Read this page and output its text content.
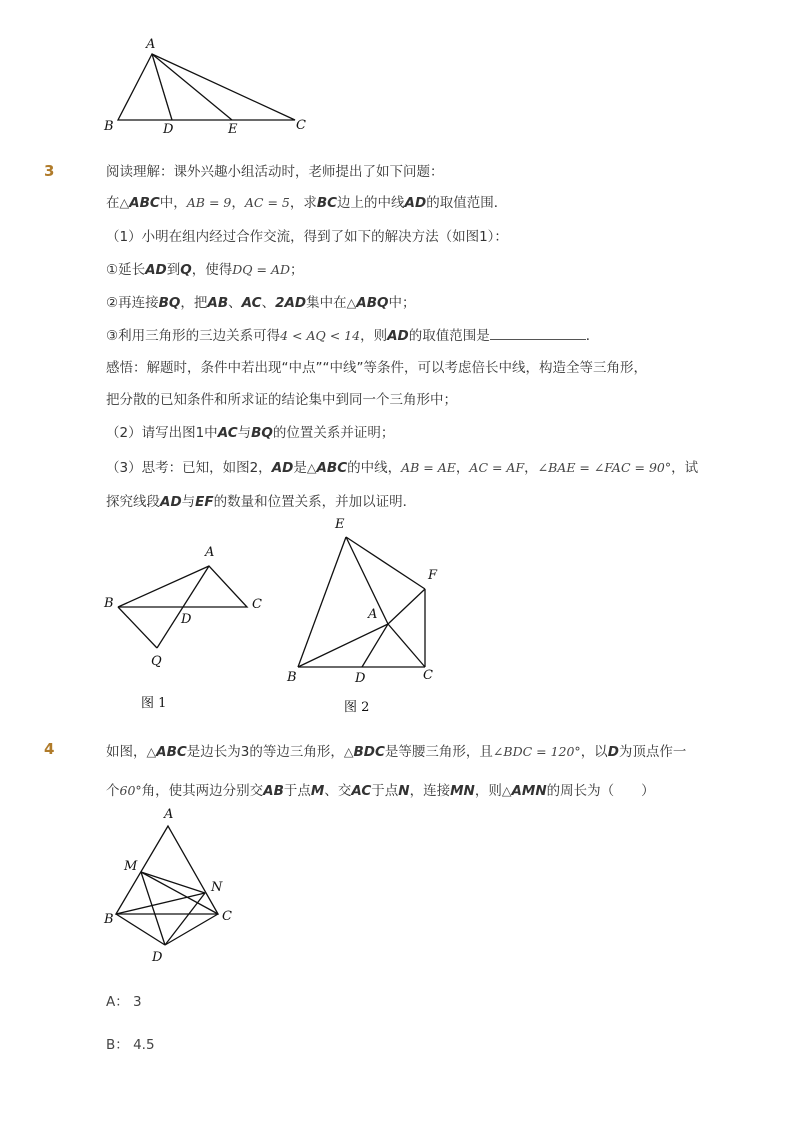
A
B	D	E	C
3	阅读理解：课外兴趣小组活动时，老师提出了如下问题：
在△ABC中，AB = 9，AC = 5，求BC边上的中线AD的取值范围．
（1）小明在组内经过合作交流，得到了如下的解决方法（如图1）：
①延长AD到Q，使得DQ = AD；
②再连接BQ，把AB、AC、2AD集中在△ABQ中；
③利用三角形的三边关系可得4 < AQ < 14，则AD的取值范围是	．
感悟：解题时，条件中若出现“中点”“中线”等条件，可以考虑倍长中线，构造全等三角形，
把分散的已知条件和所求证的结论集中到同一个三角形中；
（2）请写出图1中AC与BQ的位置关系并证明；
（3）思考：已知，如图2，AD是△ABC的中线，AB = AE，AC = AF，∠BAE = ∠FAC = 90°，试
探究线段AD与EF的数量和位置关系，并加以证明．
A
B	C
D
Q
图 1
E
F
A
B	D	C
图 2
4	如图，△ABC是边长为3的等边三角形，△BDC是等腰三角形，且∠BDC = 120°，以D为顶点作一
个60°角，使其两边分别交AB于点M、交AC于点N，连接MN，则△AMN的周长为（　　）
A
M
N
B	C
D
A： 3
B： 4.5
